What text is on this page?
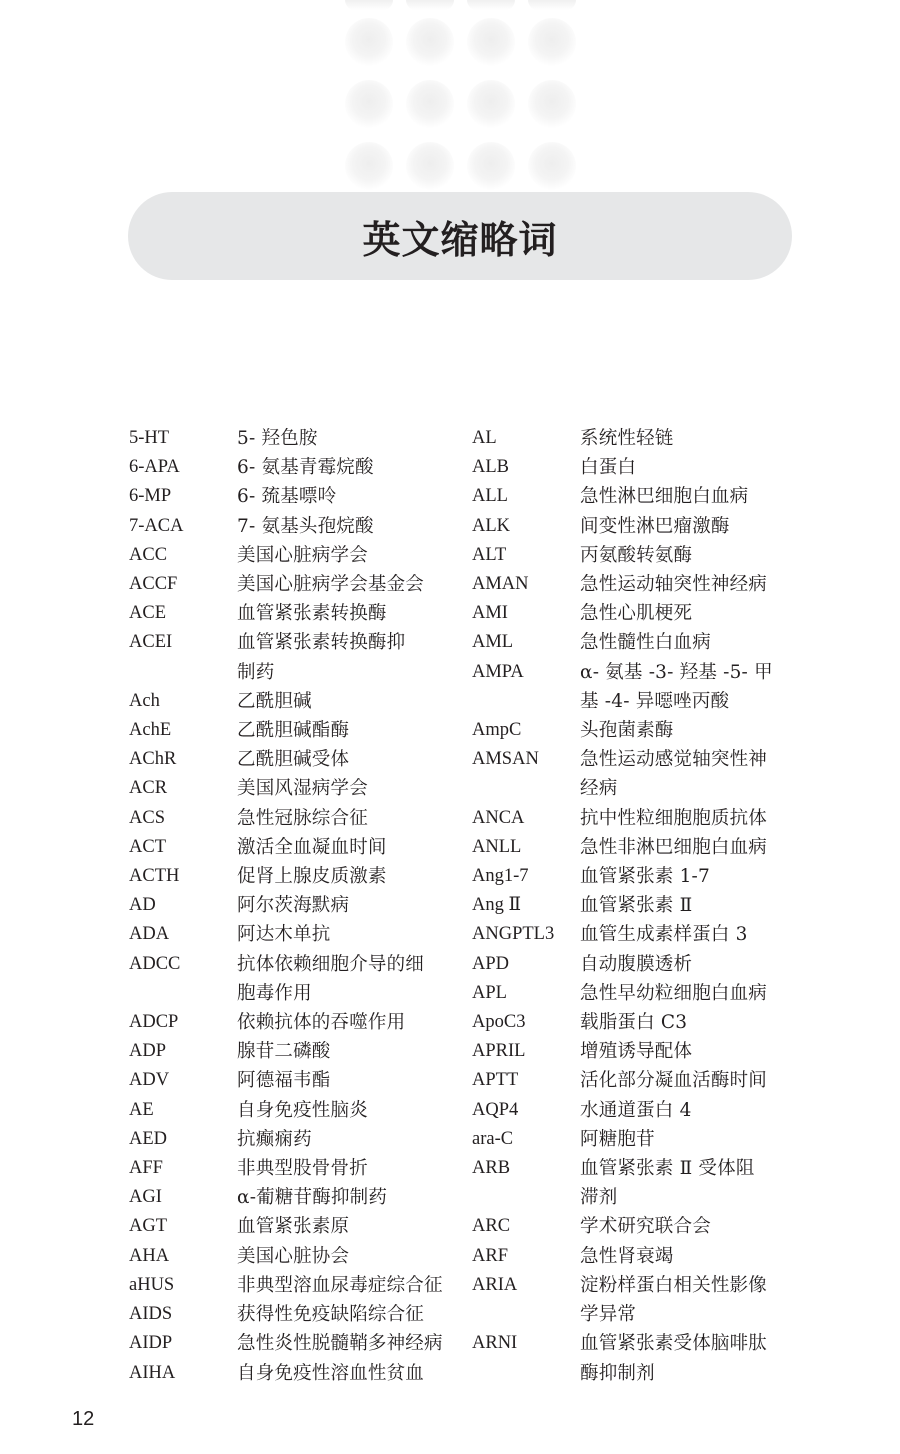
英文缩略词
5-HT	5- 羟色胺
6-APA	6- 氨基青霉烷酸
6-MP	6- 巯基嘌呤
7-ACA	7- 氨基头孢烷酸
ACC	美国心脏病学会
ACCF	美国心脏病学会基金会
ACE	血管紧张素转换酶
ACEI	血管紧张素转换酶抑
制药
Ach	乙酰胆碱
AchE	乙酰胆碱酯酶
AChR	乙酰胆碱受体
ACR	美国风湿病学会
ACS	急性冠脉综合征
ACT	激活全血凝血时间
ACTH	促肾上腺皮质激素
AD	阿尔茨海默病
ADA	阿达木单抗
ADCC	抗体依赖细胞介导的细
胞毒作用
ADCP	依赖抗体的吞噬作用
ADP	腺苷二磷酸
ADV	阿德福韦酯
AE	自身免疫性脑炎
AED	抗癫痫药
AFF	非典型股骨骨折
AGI	α-葡糖苷酶抑制药
AGT	血管紧张素原
AHA	美国心脏协会
aHUS	非典型溶血尿毒症综合征
AIDS	获得性免疫缺陷综合征
AIDP	急性炎性脱髓鞘多神经病
AIHA	自身免疫性溶血性贫血
AL	系统性轻链
ALB	白蛋白
ALL	急性淋巴细胞白血病
ALK	间变性淋巴瘤激酶
ALT	丙氨酸转氨酶
AMAN	急性运动轴突性神经病
AMI	急性心肌梗死
AML	急性髓性白血病
AMPA	α- 氨基 -3- 羟基 -5- 甲
基 -4- 异噁唑丙酸
AmpC	头孢菌素酶
AMSAN	急性运动感觉轴突性神
经病
ANCA	抗中性粒细胞胞质抗体
ANLL	急性非淋巴细胞白血病
Ang1-7	血管紧张素 1-7
Ang Ⅱ	血管紧张素 Ⅱ
ANGPTL3	血管生成素样蛋白 3
APD	自动腹膜透析
APL	急性早幼粒细胞白血病
ApoC3	载脂蛋白 C3
APRIL	增殖诱导配体
APTT	活化部分凝血活酶时间
AQP4	水通道蛋白 4
ara-C	阿糖胞苷
ARB	血管紧张素 Ⅱ 受体阻
滞剂
ARC	学术研究联合会
ARF	急性肾衰竭
ARIA	淀粉样蛋白相关性影像
学异常
ARNI	血管紧张素受体脑啡肽
酶抑制剂
12
